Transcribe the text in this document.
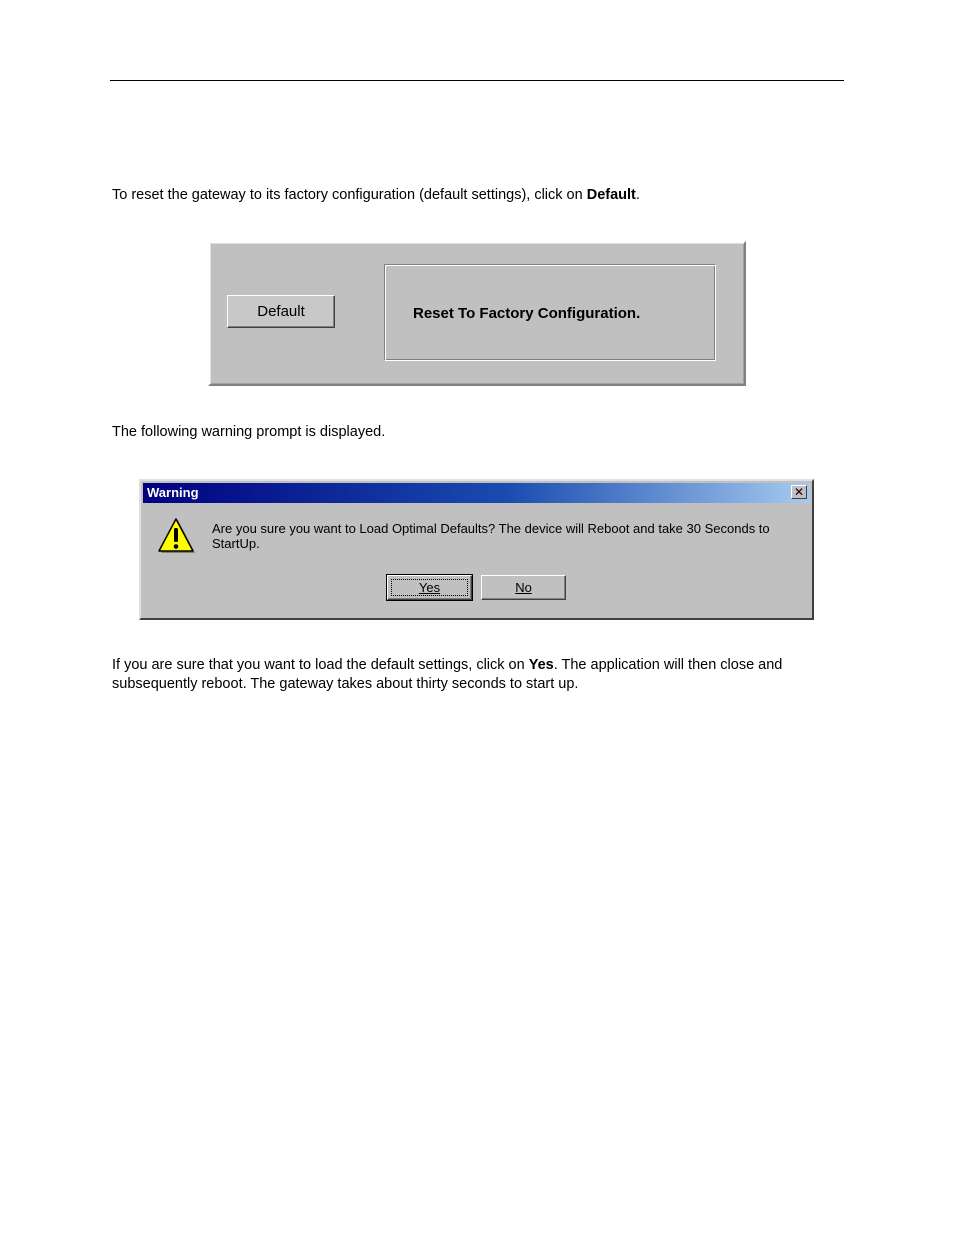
To reset the gateway to its factory configuration (default settings), click on Default.

Default	Reset To Factory Configuration.

The following warning prompt is displayed.

Warning	✕
Are you sure you want to Load Optimal Defaults? The device will Reboot and take 30 Seconds to StartUp.
Yes	No

If you are sure that you want to load the default settings, click on Yes. The application will then close and subsequently reboot. The gateway takes about thirty seconds to start up.
